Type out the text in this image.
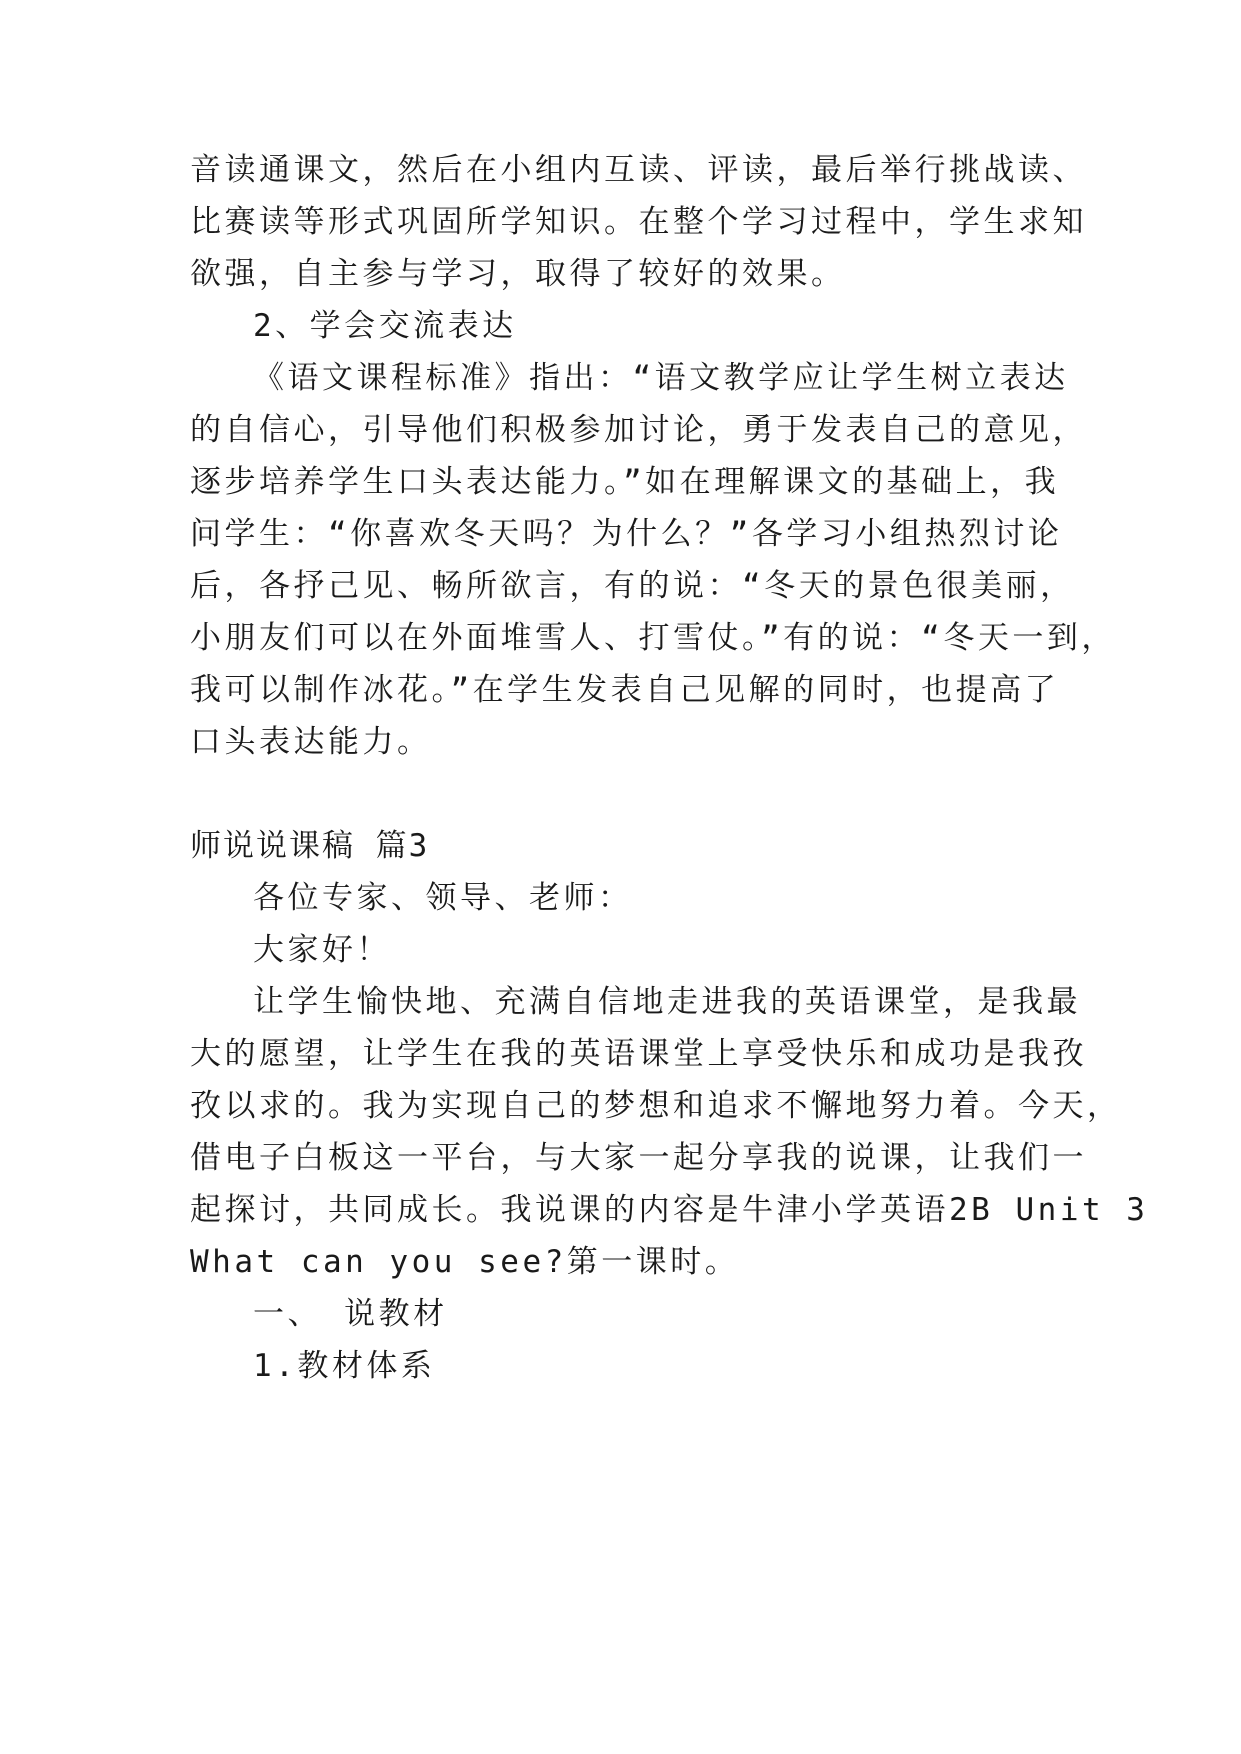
音读通课文，然后在小组内互读、评读，最后举行挑战读、

比赛读等形式巩固所学知识。在整个学习过程中，学生求知

欲强，自主参与学习，取得了较好的效果。

2、学会交流表达

《语文课程标准》指出：“语文教学应让学生树立表达

的自信心，引导他们积极参加讨论，勇于发表自己的意见，

逐步培养学生口头表达能力。”如在理解课文的基础上，我

问学生：“你喜欢冬天吗？为什么？”各学习小组热烈讨论

后，各抒己见、畅所欲言，有的说：“冬天的景色很美丽，

小朋友们可以在外面堆雪人、打雪仗。”有的说：“冬天一到，

我可以制作冰花。”在学生发表自己见解的同时，也提高了

口头表达能力。

师说说课稿 篇3

各位专家、领导、老师：

大家好！

让学生愉快地、充满自信地走进我的英语课堂，是我最

大的愿望，让学生在我的英语课堂上享受快乐和成功是我孜

孜以求的。我为实现自己的梦想和追求不懈地努力着。今天，

借电子白板这一平台，与大家一起分享我的说课，让我们一

起探讨，共同成长。我说课的内容是牛津小学英语2B Unit 3

What can you see?第一课时。

一、 说教材

1.教材体系
